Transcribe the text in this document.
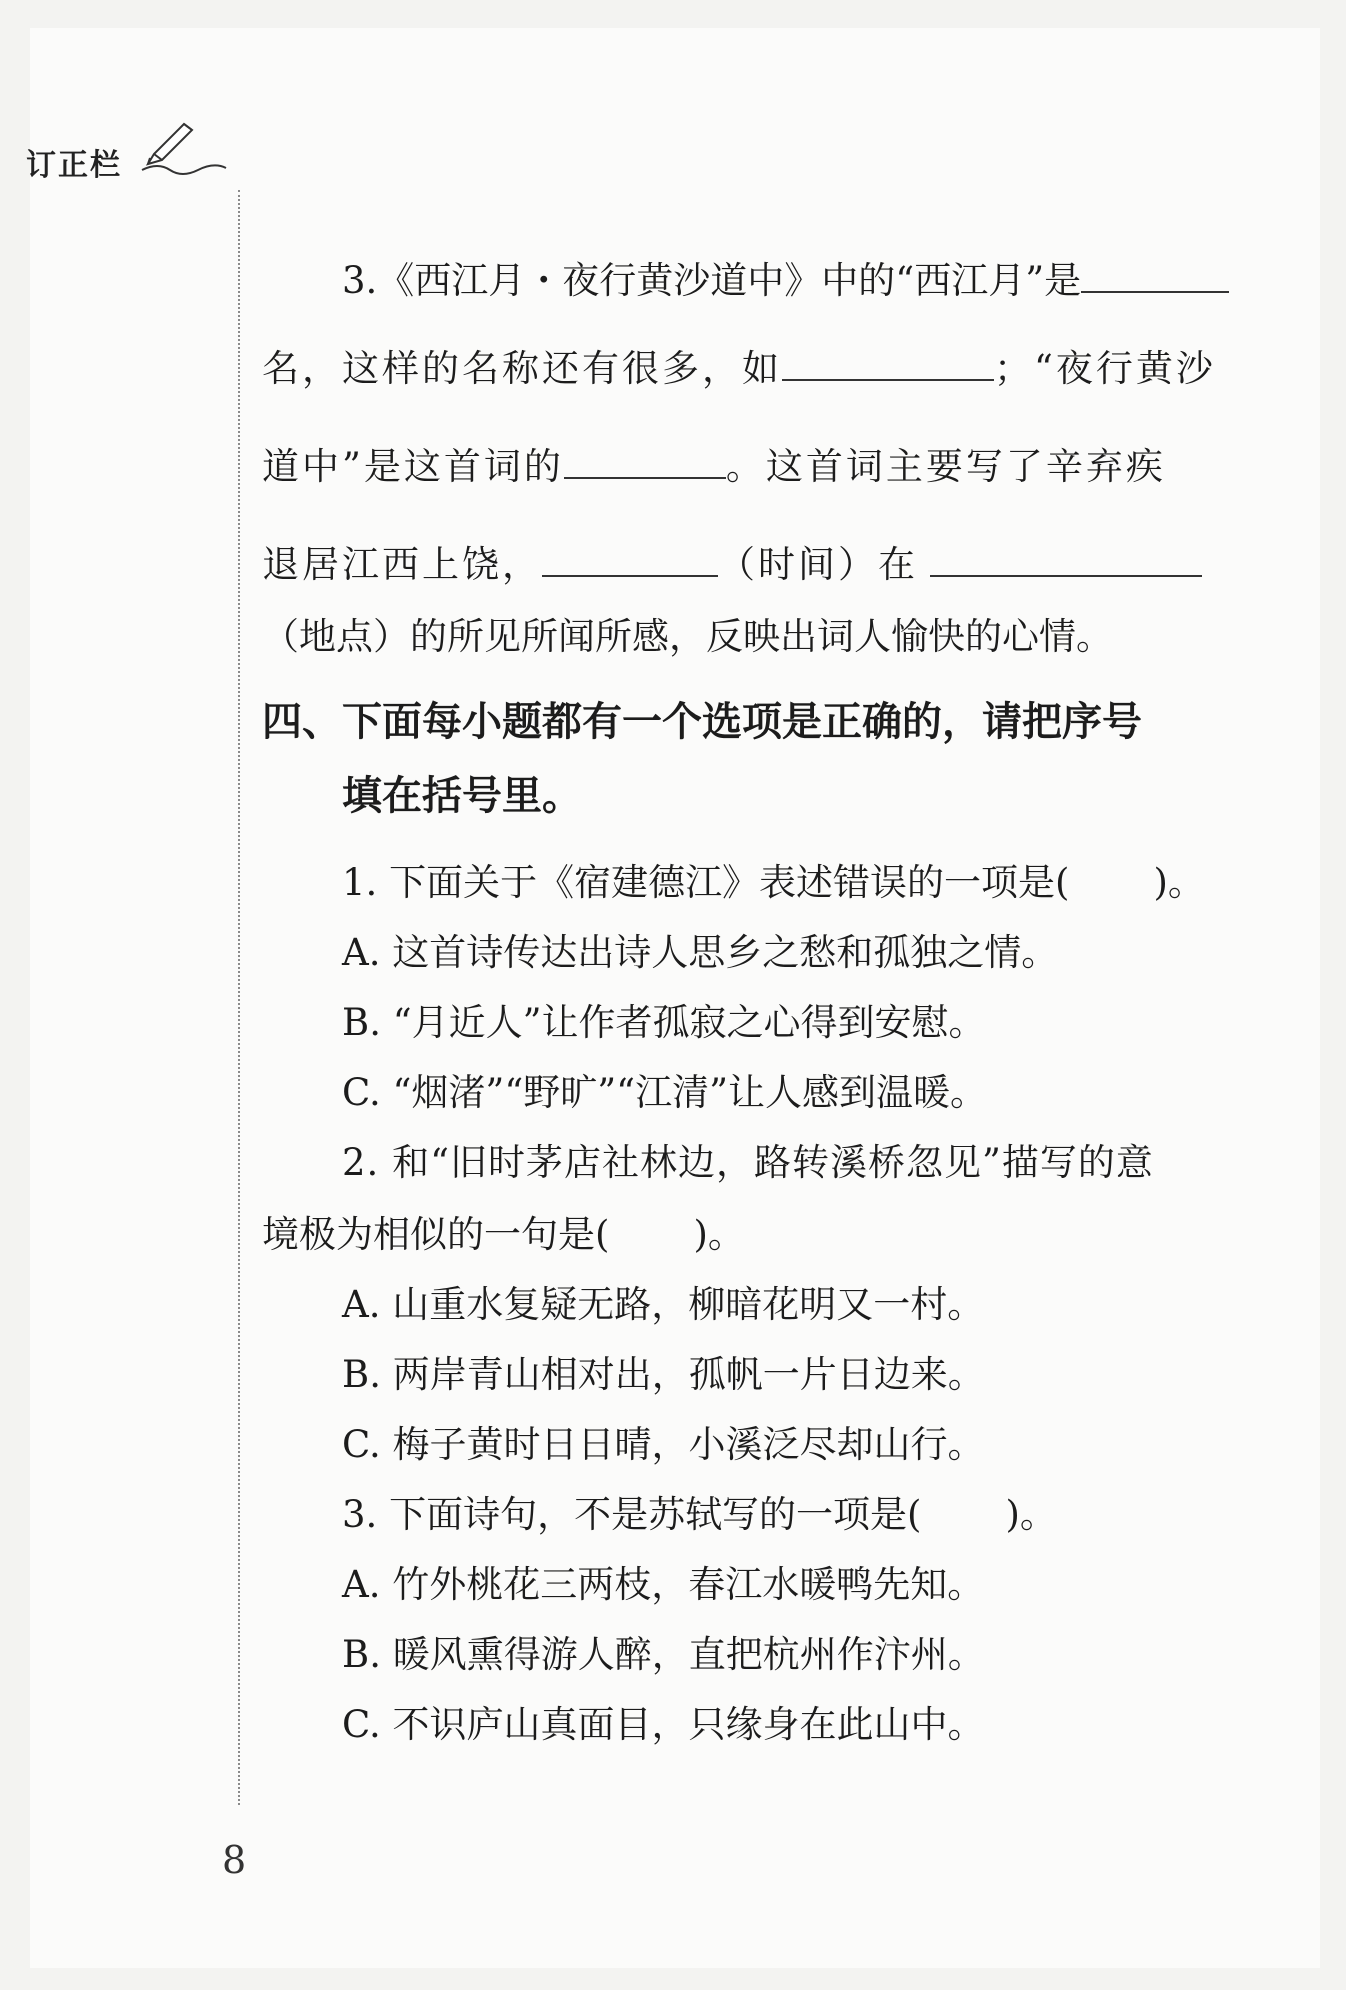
订正栏
3.《西江月・夜行黄沙道中》中的“西江月”是
名，这样的名称还有很多，如	；“夜行黄沙
道中”是这首词的	。这首词主要写了辛弃疾
退居江西上饶，	（时间）在
（地点）的所见所闻所感，反映出词人愉快的心情。
四、下面每小题都有一个选项是正确的，请把序号
填在括号里。
1. 下面关于《宿建德江》表述错误的一项是( )。
A. 这首诗传达出诗人思乡之愁和孤独之情。
B. “月近人”让作者孤寂之心得到安慰。
C. “烟渚”“野旷”“江清”让人感到温暖。
2. 和“旧时茅店社林边，路转溪桥忽见”描写的意
境极为相似的一句是( )。
A. 山重水复疑无路，柳暗花明又一村。
B. 两岸青山相对出，孤帆一片日边来。
C. 梅子黄时日日晴，小溪泛尽却山行。
3. 下面诗句，不是苏轼写的一项是( )。
A. 竹外桃花三两枝，春江水暖鸭先知。
B. 暖风熏得游人醉，直把杭州作汴州。
C. 不识庐山真面目，只缘身在此山中。
8
